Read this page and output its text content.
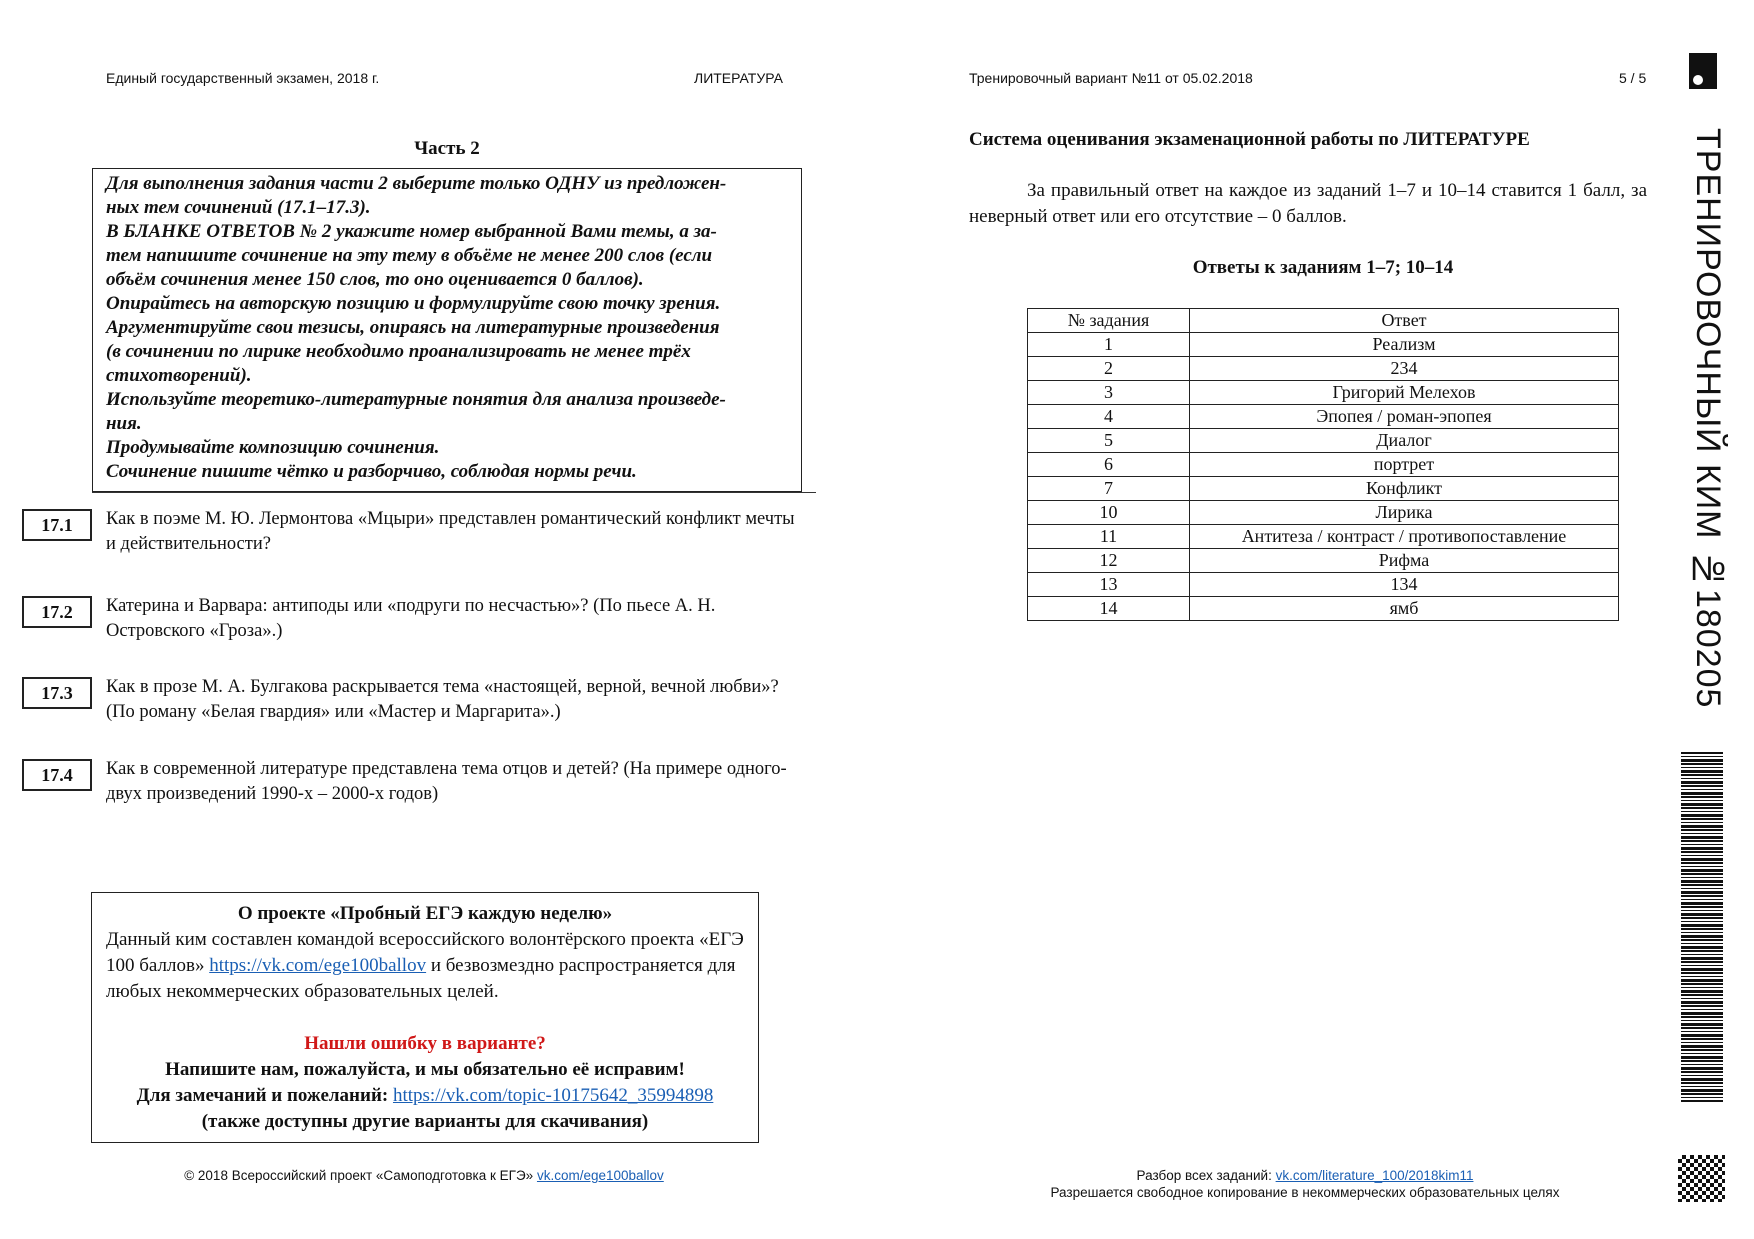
Единый государственный экзамен, 2018 г.	ЛИТЕРАТУРА	Тренировочный вариант №11 от 05.02.2018	5 / 5
Часть 2
Для выполнения задания части 2 выберите только ОДНУ из предложен-
ных тем сочинений (17.1–17.3).
В БЛАНКЕ ОТВЕТОВ № 2 укажите номер выбранной Вами темы, а за-
тем напишите сочинение на эту тему в объёме не менее 200 слов (если
объём сочинения менее 150 слов, то оно оценивается 0 баллов).
Опирайтесь на авторскую позицию и формулируйте свою точку зрения.
Аргументируйте свои тезисы, опираясь на литературные произведения
(в сочинении по лирике необходимо проанализировать не менее трёх
стихотворений).
Используйте теоретико-литературные понятия для анализа произведе-
ния.
Продумывайте композицию сочинения.
Сочинение пишите чётко и разборчиво, соблюдая нормы речи.
17.1	Как в поэме М. Ю. Лермонтова «Мцыри» представлен романтический конфликт мечты и действительности?
17.2	Катерина и Варвара: антиподы или «подруги по несчастью»? (По пьесе А. Н. Островского «Гроза».)
17.3	Как в прозе М. А. Булгакова раскрывается тема «настоящей, верной, вечной любви»? (По роману «Белая гвардия» или «Мастер и Маргарита».)
17.4	Как в современной литературе представлена тема отцов и детей? (На примере одного-двух произведений 1990-х – 2000-х годов)

О проекте «Пробный ЕГЭ каждую неделю»

Данный ким составлен командой всероссийского волонтёрского проекта «ЕГЭ 100 баллов» https://vk.com/ege100ballov и безвозмездно распространяется для любых некоммерческих образовательных целей.

Нашли ошибку в варианте?

Напишите нам, пожалуйста, и мы обязательно её исправим!

Для замечаний и пожеланий: https://vk.com/topic-10175642_35994898

(также доступны другие варианты для скачивания)

© 2018 Всероссийский проект «Самоподготовка к ЕГЭ» vk.com/ege100ballov
Система оценивания экзаменационной работы по ЛИТЕРАТУРЕ
За правильный ответ на каждое из заданий 1–7 и 10–14 ставится 1 балл, за неверный ответ или его отсутствие – 0 баллов.
Ответы к заданиям 1–7; 10–14
№ задания	Ответ
1	Реализм
2	234
3	Григорий Мелехов
4	Эпопея / роман-эпопея
5	Диалог
6	портрет
7	Конфликт
10	Лирика
11	Антитеза / контраст / противопоставление
12	Рифма
13	134
14	ямб
Разбор всех заданий: vk.com/literature_100/2018kim11
Разрешается свободное копирование в некоммерческих образовательных целях
ТРЕНИРОВОЧНЫЙ КИМ №180205
